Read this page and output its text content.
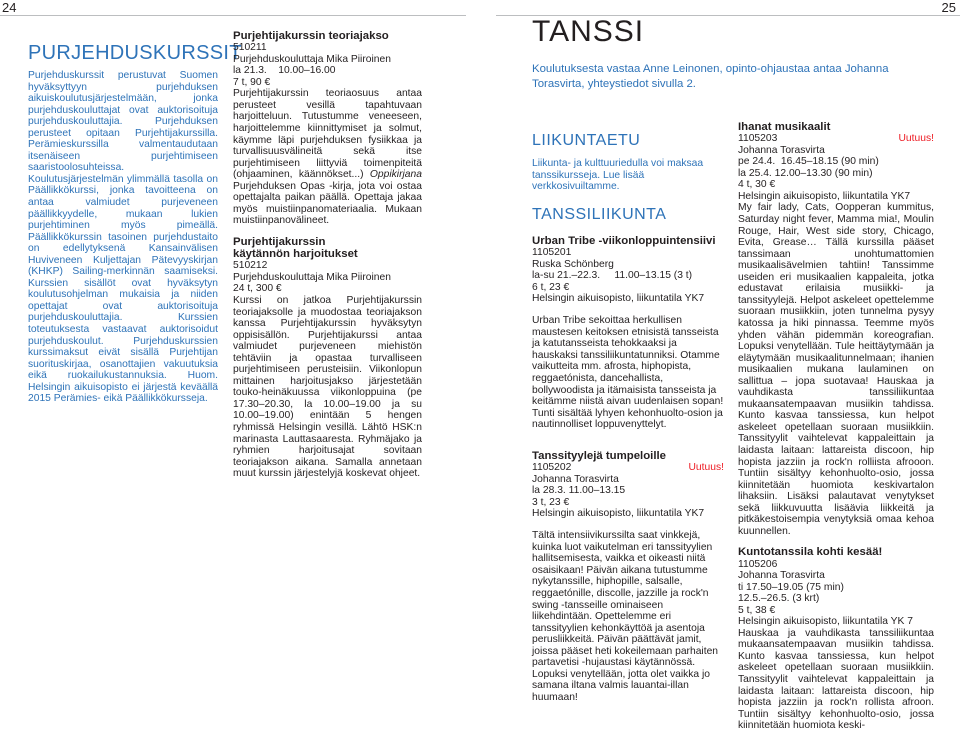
24	25
PURJEHDUSKURSSIT

Purjehduskurssit perustuvat Suomen hyväksyttyyn purjehduksen aikuiskoulutusjärjestelmään, jonka purjehduskouluttajat ovat auktorisoituja purjehduskouluttajia. Purjehduksen perusteet opitaan Purjehtijakurssilla. Perämieskurssilla valmentaudutaan itsenäiseen purjehtimiseen saaristoolosuhteissa. Koulutusjärjestelmän ylimmällä tasolla on Päällikkökurssi, jonka tavoitteena on antaa valmiudet purjeveneen päällikkyydelle, mukaan lukien purjehtiminen myös pimeällä. Päällikkökurssin tasoinen purjehdustaito on edellytyksenä Kansainvälisen Huviveneen Kuljettajan Pätevyyskirjan (KHKP) Sailing-merkinnän saamiseksi. Kurssien sisällöt ovat hyväksytyn koulutusohjelman mukaisia ja niiden opettajat ovat auktorisoituja purjehduskouluttajia. Kurssien toteutuksesta vastaavat auktorisoidut purjehduskoulut. Purjehduskurssien kurssimaksut eivät sisällä Purjehtijan suorituskirjaa, osanottajien vakuutuksia eikä ruokailukustannuksia. Huom. Helsingin aikuisopisto ei järjestä keväällä 2015 Perämies- eikä Päällikkökursseja.

Purjehtijakurssin teoriajakso
510211
Purjehduskouluttaja Mika Piiroinen
la 21.3.    10.00–16.00
7 t, 90 €

Purjehtijakurssin teoriaosuus antaa perusteet vesillä tapahtuvaan harjoitteluun. Tutustumme veneeseen, harjoittelemme kiinnittymiset ja solmut, käymme läpi purjehduksen fysiikkaa ja turvallisuusvälineitä sekä itse purjehtimiseen liittyviä toimenpiteitä (ohjaaminen, käännökset...) Oppikirjana Purjehduksen Opas -kirja, jota voi ostaa opettajalta paikan päällä. Opettaja jakaa myös muistiinpanomateriaalia. Mukaan muistiinpanovälineet.

Purjehtijakurssin
käytännön harjoitukset
510212
Purjehduskouluttaja Mika Piiroinen
24 t, 300 €

Kurssi on jatkoa Purjehtijakurssin teoriajaksolle ja muodostaa teoriajakson kanssa Purjehtijakurssin hyväksytyn oppisisällön. Purjehtijakurssi antaa valmiudet purjeveneen miehistön tehtäviin ja opastaa turvalliseen purjehtimiseen perusteisiin. Viikonlopun mittainen harjoitusjakso järjestetään touko-heinäkuussa viikonloppuina (pe 17.30–20.30, la 10.00–19.00 ja su 10.00–19.00) enintään 5 hengen ryhmissä Helsingin vesillä. Lähtö HSK:n marinasta Lauttasaaresta. Ryhmäjako ja ryhmien harjoitusajat sovitaan teoriajakson aikana. Samalla annetaan muut kurssin järjestelyjä koskevat ohjeet.

TANSSI
Koulutuksesta vastaa Anne Leinonen, opinto-ohjaustaa antaa Johanna Torasvirta, yhteystiedot sivulla 2.
LIIKUNTAETU
Liikunta- ja kulttuuriedulla voi maksaa tanssikursseja. Lue lisää verkkosivuiltamme.
TANSSILIIKUNTA
Urban Tribe -viikonloppuintensiivi
1105201
Ruska Schönberg
la-su 21.–22.3.     11.00–13.15 (3 t)
6 t, 23 €
Helsingin aikuisopisto, liikuntatila YK7

Urban Tribe sekoittaa herkullisen maustesen keitoksen etnisistä tansseista ja katutansseista tehokkaaksi ja hauskaksi tanssiliikuntatunniksi. Otamme vaikutteita mm. afrosta, hiphopista, reggaetónista, dancehallista, bollywoodista ja itämaisista tansseista ja keitämme niistä aivan uudenlaisen sopan! Tunti sisältää lyhyen kehonhuolto-osion ja nautinnolliset loppuvenyttelyt.

Tanssityylejä tumpeloille
1105202	Uutuus!
Johanna Torasvirta
la 28.3. 11.00–13.15
3 t, 23 €
Helsingin aikuisopisto, liikuntatila YK7

Tältä intensiivikurssilta saat vinkkejä, kuinka luot vaikutelman eri tanssityylien hallitsemisesta, vaikka et oikeasti niitä osaisikaan! Päivän aikana tutustumme nykytanssille, hiphopille, salsalle, reggaetónille, discolle, jazzille ja rock'n swing -tansseille ominaiseen liikehdintään. Opettelemme eri tanssityylien kehonkäyttöä ja asentoja perusliikkeitä. Päivän päättävät jamit, joissa pääset heti kokeilemaan parhaiten partavetisi -hujaustasi käytännössä. Lopuksi venytellään, jotta olet vaikka jo samana iltana valmis lauantai-illan huumaan!

Ihanat musikaalit
1105203	Uutuus!
Johanna Torasvirta
pe 24.4.  16.45–18.15 (90 min)
la 25.4. 12.00–13.30 (90 min)
4 t, 30 €
Helsingin aikuisopisto, liikuntatila YK7

My fair lady, Cats, Oopperan kummitus, Saturday night fever, Mamma mia!, Moulin Rouge, Hair, West side story, Chicago, Evita, Grease… Tällä kurssilla pääset tanssimaan unohtumattomien musikaalisävelmien tahtiin! Tanssimme useiden eri musikaalien kappaleita, jotka edustavat erilaisia musiikki- ja tanssityylejä. Helpot askeleet opettelemme suoraan musiikkiin, joten tunnelma pysyy katossa ja hiki pinnassa. Teemme myös yhden vähän pidemmän koreografian. Lopuksi venytellään. Tule heittäytymään ja eläytymään musikaalitunnelmaan; ihanien musikaalien mukana laulaminen on sallittua – jopa suotavaa! Hauskaa ja vauhdikasta tanssiliikuntaa mukaansatempaavan musiikin tahdissa. Kunto kasvaa tanssiessa, kun helpot askeleet opetellaan suoraan musiikkiin. Tanssityylit vaihtelevat kappaleittain ja laidasta laitaan: lattareista discoon, hip hopista jazziin ja rock'n rolliista afrooon. Tuntiin sisältyy kehonhuolto-osio, jossa kiinnitetään huomiota keskivartalon lihaksiin. Lisäksi palautavat venytykset sekä liikkuvuutta lisäävia liikkeitä ja pitkäkestoisempia venytyksiä omaa kehoa kuunnellen.

Kuntotanssila kohti kesää!
1105206
Johanna Torasvirta
ti 17.50–19.05 (75 min)
12.5.–26.5. (3 krt)
5 t, 38 €
Helsingin aikuisopisto, liikuntatila YK 7

Hauskaa ja vauhdikasta tanssiliikuntaa mukaansatempaavan musiikin tahdissa. Kunto kasvaa tanssiessa, kun helpot askeleet opetellaan suoraan musiikkiin. Tanssityylit vaihtelevat kappaleittain ja laidasta laitaan: lattareista discoon, hip hopista jazziin ja rock'n rollista afroon. Tuntiin sisältyy kehonhuolto-osio, jossa kiinnitetään huomiota keski-
